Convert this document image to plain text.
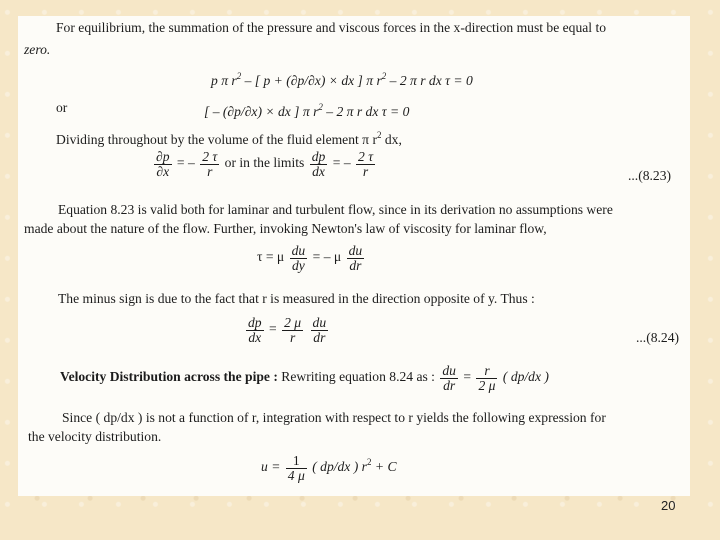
For equilibrium, the summation of the pressure and viscous forces in the x-direction must be equal to
zero.
p π $r^2$ – [ p + (∂p/∂x) × dx ] π $r^2 - 2$ π r dx τ = 0
or	[ – (∂p/∂x) × dx ] π $r^2 - 2$ π r dx τ = 0
Dividing throughout by the volume of the fluid element π $r^2$ dx,
$\frac{\partial p}{\partial x}$ = – $\frac{2 \tau}{r}$ or in the limits $\frac{dp}{dx}$ = – $\frac{2 \tau}{r}$	...(8.23)
Equation 8.23 is valid both for laminar and turbulent flow, since in its derivation no assumptions were
made about the nature of the flow. Further, invoking Newton's law of viscosity for laminar flow,
τ = μ $\frac{du}{dy}$ = – μ $\frac{du}{dr}$
The minus sign is due to the fact that r is measured in the direction opposite of y. Thus :
$\frac{dp}{dx} = \frac{2 \mu}{r}$
$\frac{du}{dr}$	...(8.24)
Velocity Distribution across the pipe : Rewriting equation 8.24 as : $\frac{du}{dr} = \frac{r}{2 \mu}$ ( dp/dx )
Since ( dp/dx ) is not a function of r, integration with respect to r yields the following expression for
the velocity distribution.
$u = \frac{1}{4 \mu}$ ( dp/dx ) $r^2 + C$
20
